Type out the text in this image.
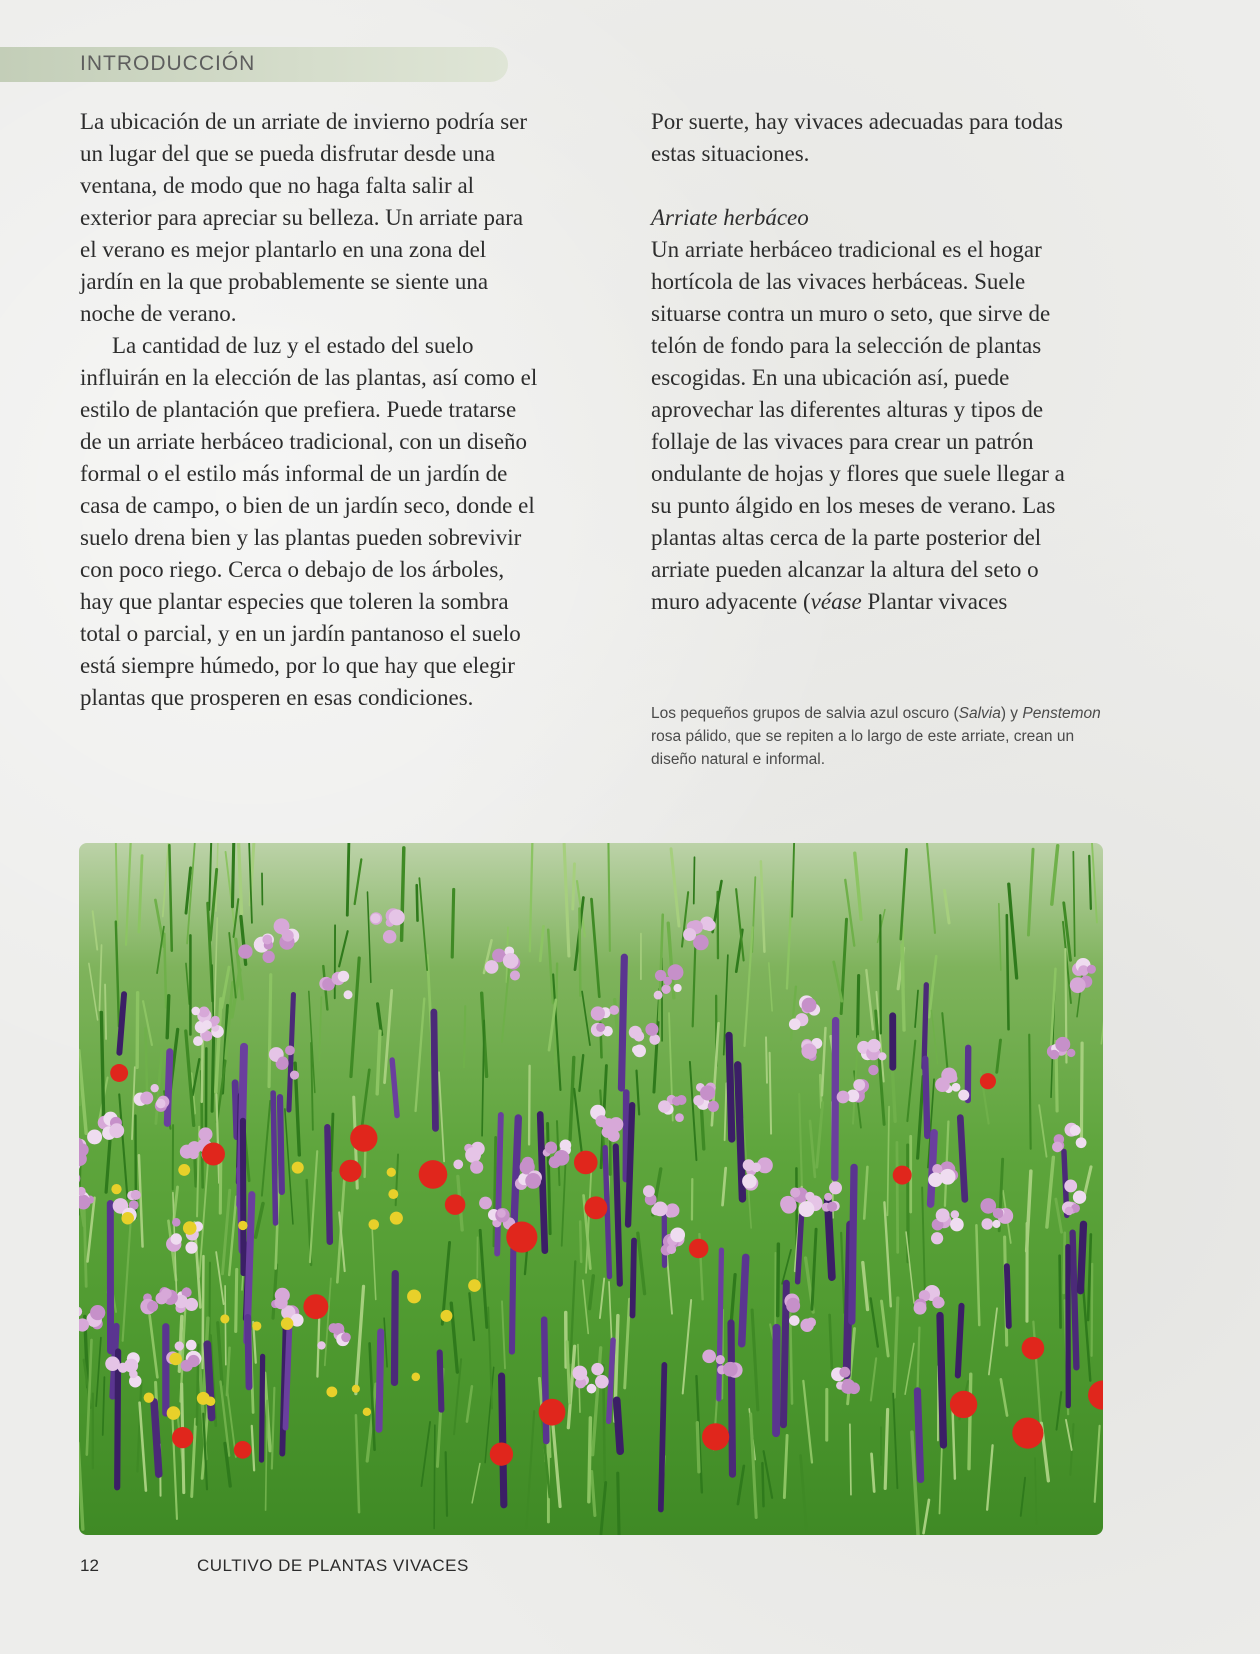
INTRODUCCIÓN

La ubicación de un arriate de invierno podría ser un lugar del que se pueda disfrutar desde una ventana, de modo que no haga falta salir al exterior para apreciar su belleza. Un arriate para el verano es mejor plantarlo en una zona del jardín en la que probablemente se siente una noche de verano.

La cantidad de luz y el estado del suelo influirán en la elección de las plantas, así como el estilo de plantación que prefiera. Puede tratarse de un arriate herbáceo tradicional, con un diseño formal o el estilo más informal de un jardín de casa de campo, o bien de un jardín seco, donde el suelo drena bien y las plantas pueden sobrevivir con poco riego. Cerca o debajo de los árboles, hay que plantar especies que toleren la sombra total o parcial, y en un jardín pantanoso el suelo está siempre húmedo, por lo que hay que elegir plantas que prosperen en esas condiciones.

Por suerte, hay vivaces adecuadas para todas estas situaciones.

Arriate herbáceo

Un arriate herbáceo tradicional es el hogar hortícola de las vivaces herbáceas. Suele situarse contra un muro o seto, que sirve de telón de fondo para la selección de plantas escogidas. En una ubicación así, puede aprovechar las diferentes alturas y tipos de follaje de las vivaces para crear un patrón ondulante de hojas y flores que suele llegar a su punto álgido en los meses de verano. Las plantas altas cerca de la parte posterior del arriate pueden alcanzar la altura del seto o muro adyacente (véase Plantar vivaces

Los pequeños grupos de salvia azul oscuro (Salvia) y Penstemon rosa pálido, que se repiten a lo largo de este arriate, crean un diseño natural e informal.
12	CULTIVO DE PLANTAS VIVACES
